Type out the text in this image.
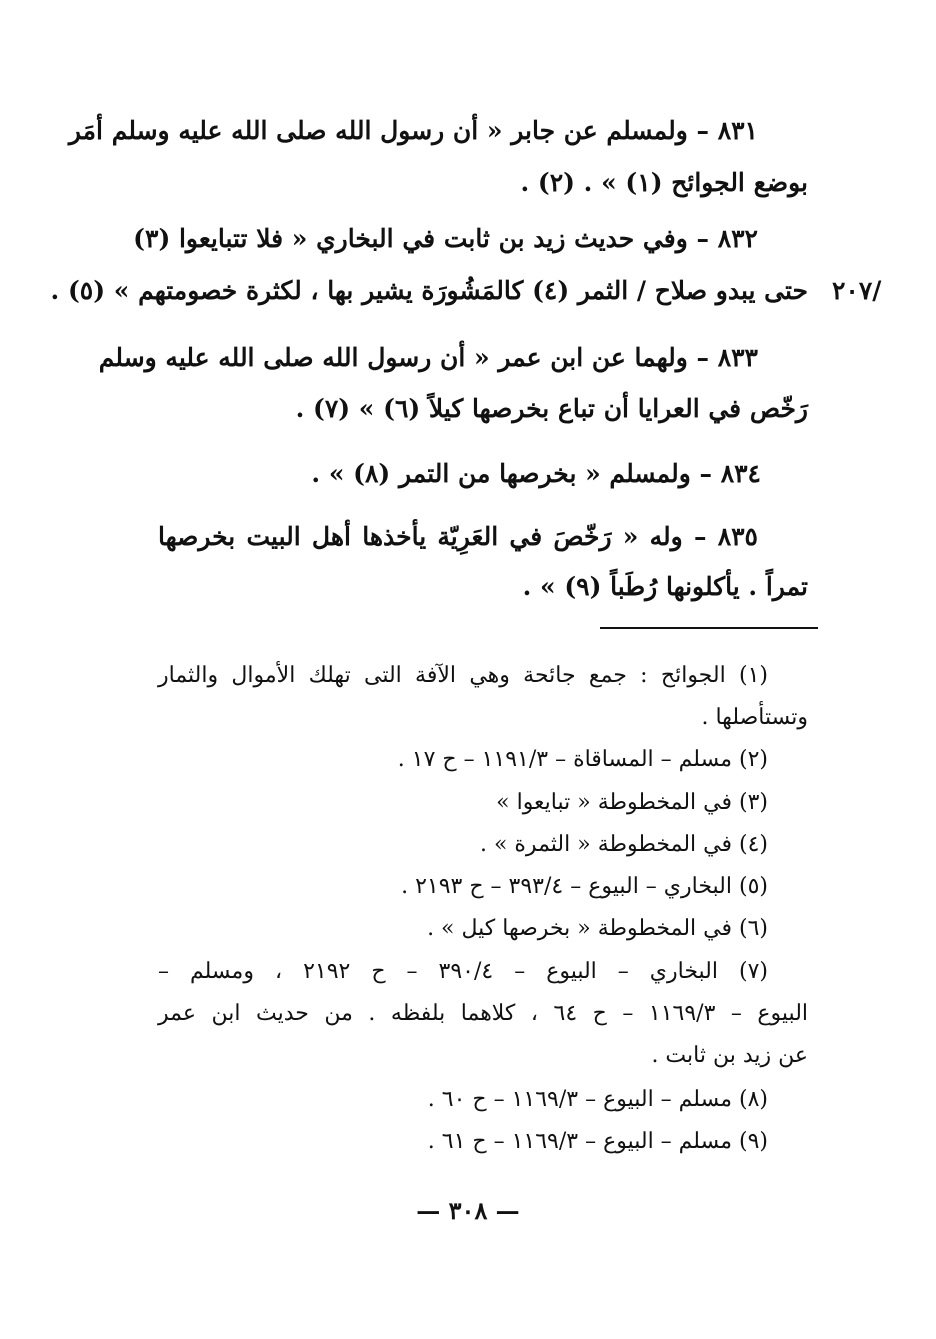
٨٣١ – ولمسلم عن جابر « أن رسول الله صلى الله عليه وسلم أمَر
بوضع الجوائح (١) » . (٢) .
٨٣٢ – وفي حديث زيد بن ثابت في البخاري « فلا تتبايعوا (٣)
حتى يبدو صلاح / الثمر (٤) كالمَشُورَة يشير بها ، لكثرة خصومتهم » (٥) . /٢٠٧
٨٣٣ – ولهما عن ابن عمر « أن رسول الله صلى الله عليه وسلم
رَخّص في العرايا أن تباع بخرصها كيلاً (٦) » (٧) .
٨٣٤ – ولمسلم « بخرصها من التمر (٨) » .
٨٣٥ – وله « رَخّصَ في العَرِيّة يأخذها أهل البيت بخرصها
تمراً . يأكلونها رُطَباً (٩) » .
(١) الجوائح : جمع جائحة وهي الآفة التى تهلك الأموال والثمار
وتستأصلها .
(٢) مسلم – المساقاة – ١١٩١/٣ – ح ١٧ .
(٣) في المخطوطة « تبايعوا »
(٤) في المخطوطة « الثمرة » .
(٥) البخاري – البيوع – ٣٩٣/٤ – ح ٢١٩٣ .
(٦) في المخطوطة « بخرصها كيل » .
(٧) البخاري – البيوع – ٣٩٠/٤ – ح ٢١٩٢ ، ومسلم –
البيوع – ١١٦٩/٣ – ح ٦٤ ، كلاهما بلفظه . من حديث ابن عمر
عن زيد بن ثابت .
(٨) مسلم – البيوع – ١١٦٩/٣ – ح ٦٠ .
(٩) مسلم – البيوع – ١١٦٩/٣ – ح ٦١ .
— ٣٠٨ —
